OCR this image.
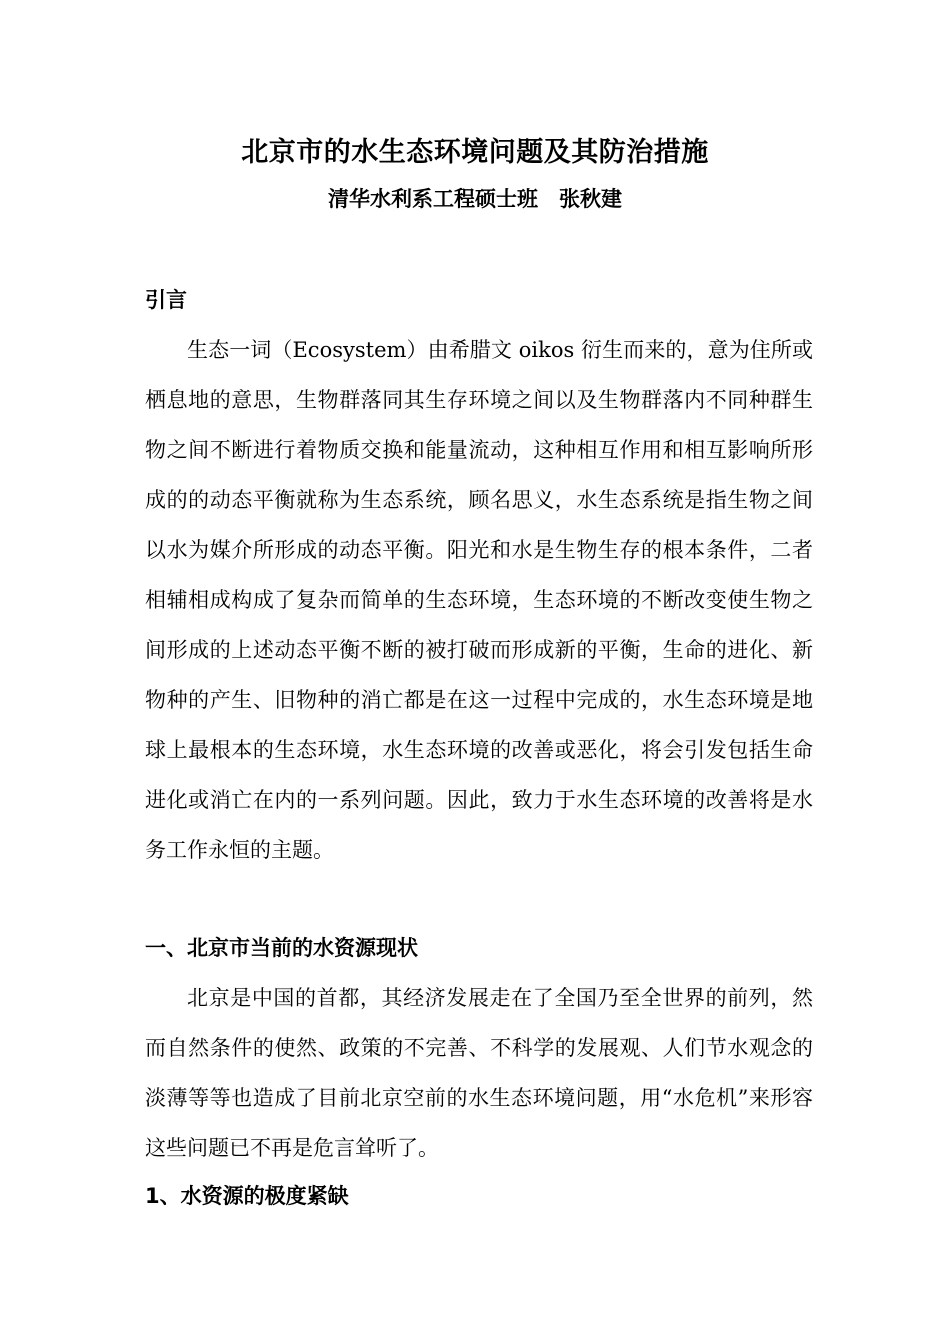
北京市的水生态环境问题及其防治措施
清华水利系工程硕士班　张秋建
引言

生态一词（Ecosystem）由希腊文 oikos 衍生而来的，意为住所或栖息地的意思，生物群落同其生存环境之间以及生物群落内不同种群生物之间不断进行着物质交换和能量流动，这种相互作用和相互影响所形成的的动态平衡就称为生态系统，顾名思义，水生态系统是指生物之间以水为媒介所形成的动态平衡。阳光和水是生物生存的根本条件，二者相辅相成构成了复杂而简单的生态环境，生态环境的不断改变使生物之间形成的上述动态平衡不断的被打破而形成新的平衡，生命的进化、新物种的产生、旧物种的消亡都是在这一过程中完成的，水生态环境是地球上最根本的生态环境，水生态环境的改善或恶化，将会引发包括生命进化或消亡在内的一系列问题。因此，致力于水生态环境的改善将是水务工作永恒的主题。

一、北京市当前的水资源现状

北京是中国的首都，其经济发展走在了全国乃至全世界的前列，然而自然条件的使然、政策的不完善、不科学的发展观、人们节水观念的淡薄等等也造成了目前北京空前的水生态环境问题，用“水危机”来形容这些问题已不再是危言耸听了。

1、水资源的极度紧缺
